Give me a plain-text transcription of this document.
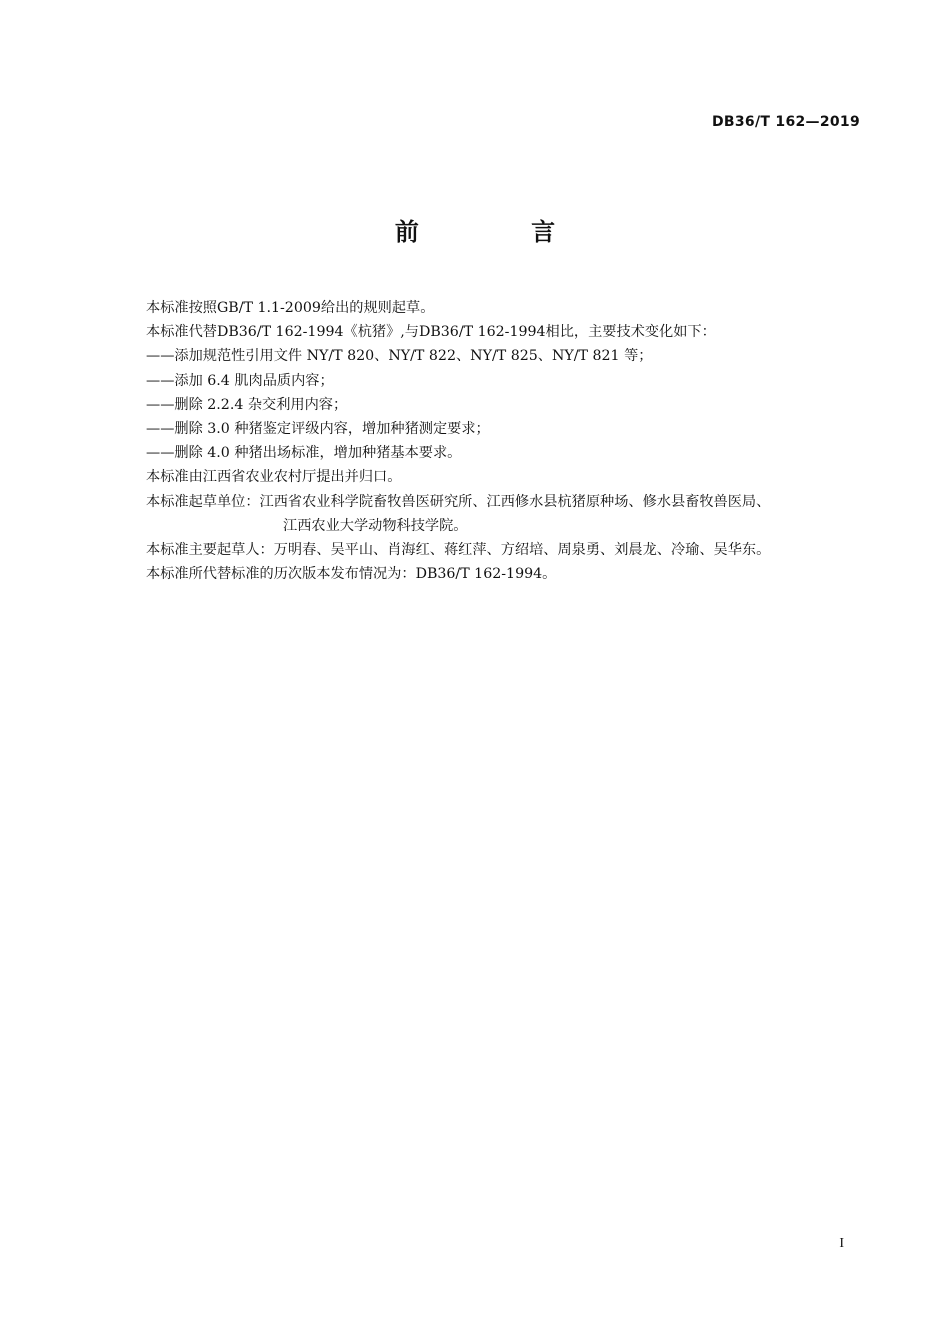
DB36/T 162—2019
前 言
本标准按照GB/T 1.1-2009给出的规则起草。
本标准代替DB36/T 162-1994《杭猪》,与DB36/T 162-1994相比，主要技术变化如下：
——添加规范性引用文件 NY/T 820、NY/T 822、NY/T 825、NY/T 821 等；
——添加 6.4 肌肉品质内容；
——删除 2.2.4 杂交利用内容；
——删除 3.0 种猪鉴定评级内容，增加种猪测定要求；
——删除 4.0 种猪出场标准，增加种猪基本要求。
本标准由江西省农业农村厅提出并归口。
本标准起草单位：江西省农业科学院畜牧兽医研究所、江西修水县杭猪原种场、修水县畜牧兽医局、
江西农业大学动物科技学院。
本标准主要起草人：万明春、吴平山、肖海红、蒋红萍、方绍培、周泉勇、刘晨龙、冷瑜、吴华东。
本标准所代替标准的历次版本发布情况为：DB36/T 162-1994。
I
